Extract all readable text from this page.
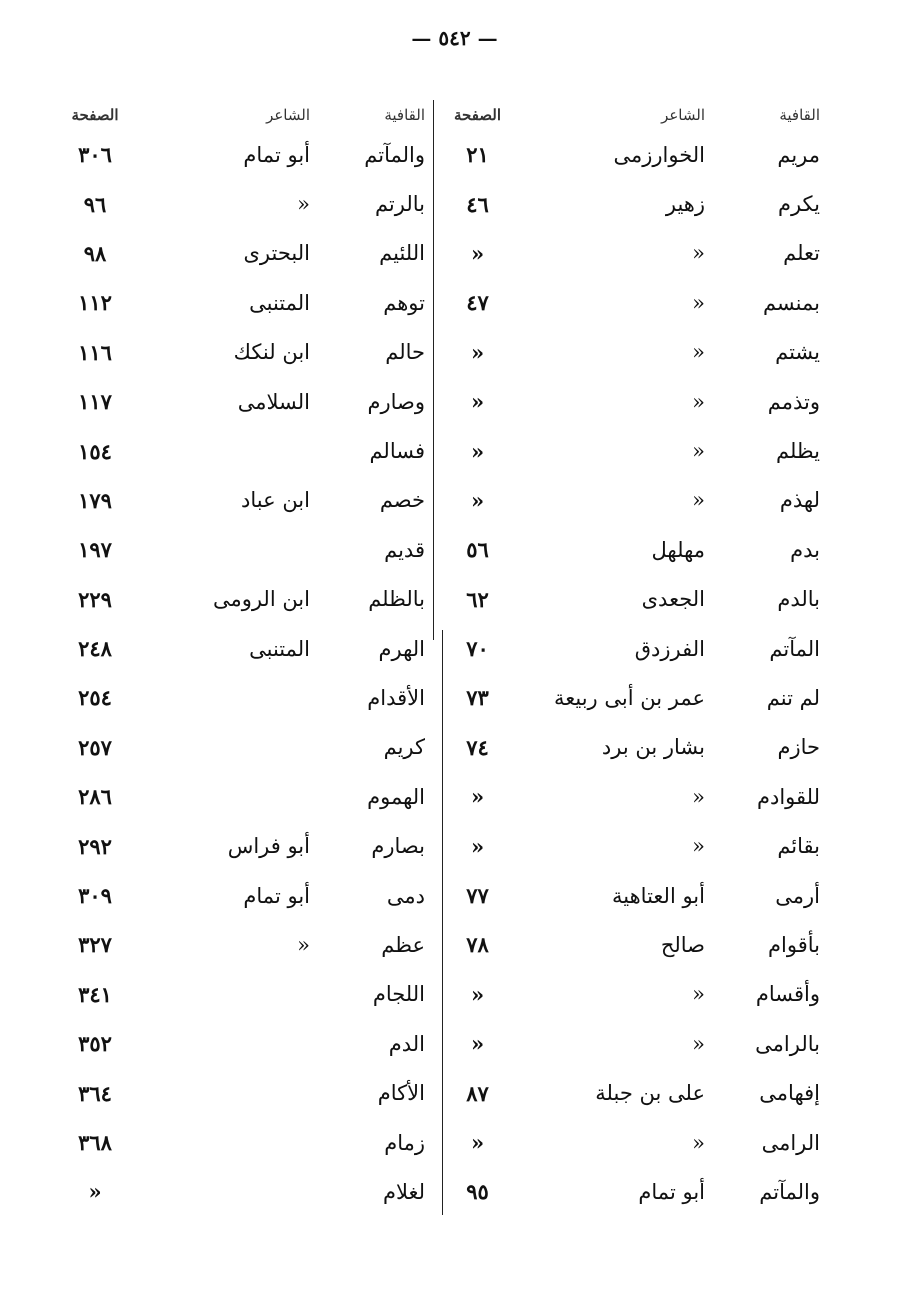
— ٥٤٢ —
القافية
الشاعر
الصفحة
مريم
الخوارزمى
٢١
يكرم
زهير
٤٦
تعلم
«
«
بمنسم
«
٤٧
يشتم
«
«
وتذمم
«
«
يظلم
«
«
لهذم
«
«
بدم
مهلهل
٥٦
بالدم
الجعدى
٦٢
المآتم
الفرزدق
٧٠
لم تنم
عمر بن أبى ربيعة
٧٣
حازم
بشار بن برد
٧٤
للقوادم
«
«
بقائم
«
«
أرمى
أبو العتاهية
٧٧
بأقوام
صالح
٧٨
وأقسام
«
«
بالرامى
«
«
إفهامى
على بن جبلة
٨٧
الرامى
«
«
والمآتم
أبو تمام
٩٥
القافية
الشاعر
الصفحة
والمآتم
أبو تمام
٣٠٦
بالرتم
«
٩٦
اللئيم
البحترى
٩٨
توهم
المتنبى
١١٢
حالم
ابن لنكك
١١٦
وصارم
السلامى
١١٧
فسالم
١٥٤
خصم
ابن عباد
١٧٩
قديم
١٩٧
بالظلم
ابن الرومى
٢٢٩
الهرم
المتنبى
٢٤٨
الأقدام
٢٥٤
كريم
٢٥٧
الهموم
٢٨٦
بصارم
أبو فراس
٢٩٢
دمى
أبو تمام
٣٠٩
عظم
«
٣٢٧
اللجام
٣٤١
الدم
٣٥٢
الأكام
٣٦٤
زمام
٣٦٨
لغلام
«
